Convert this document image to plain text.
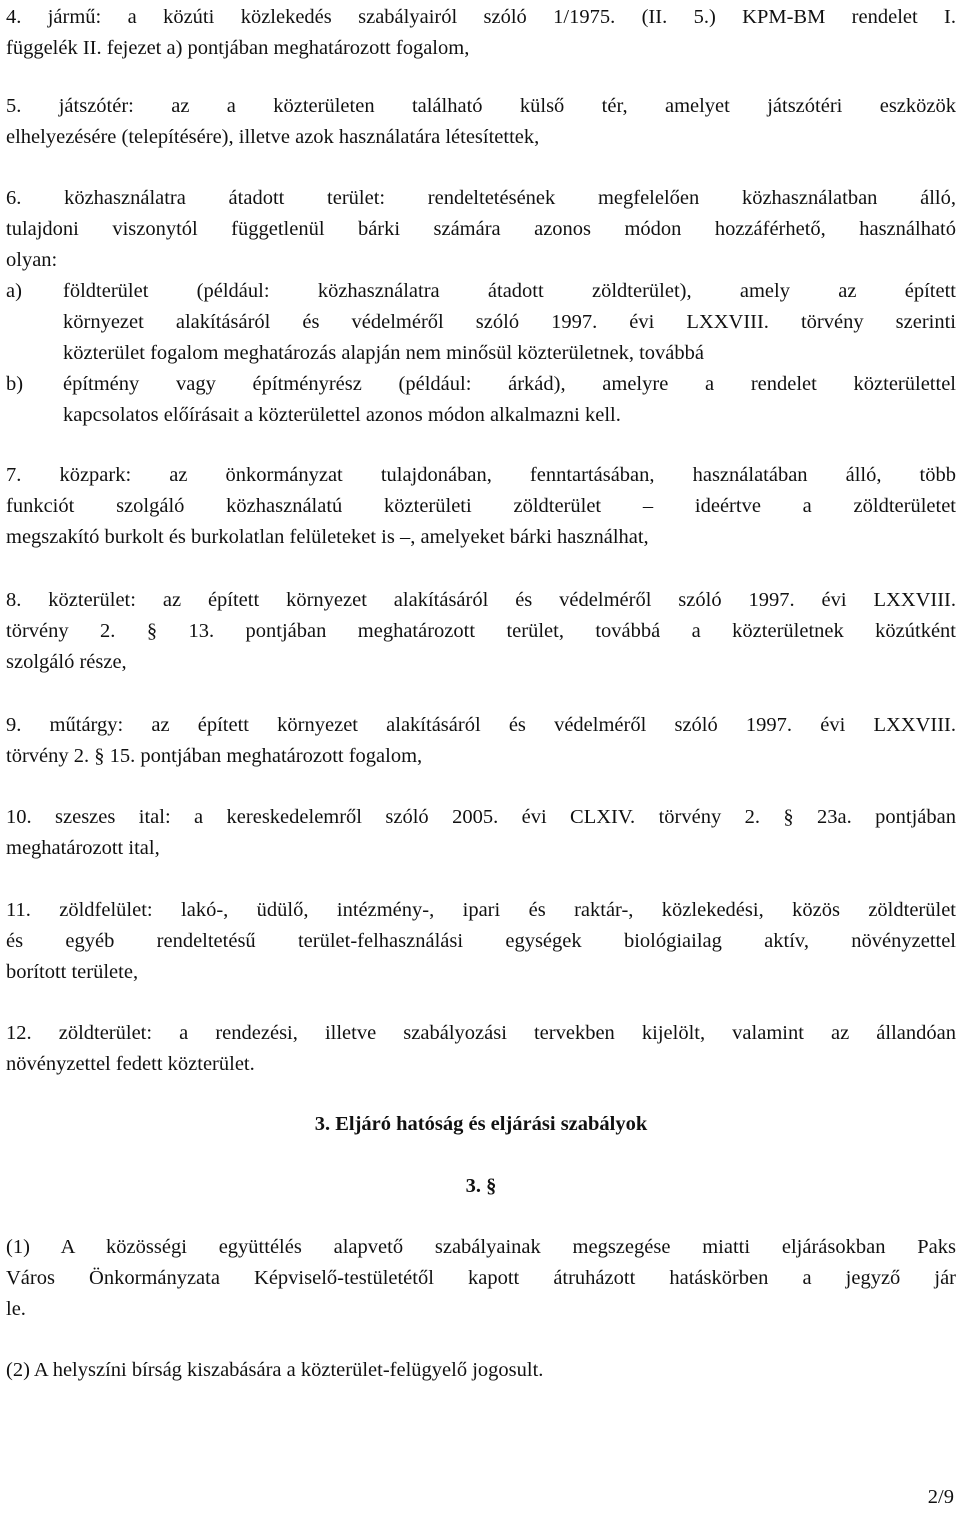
4. jármű: a közúti közlekedés szabályairól szóló 1/1975. (II. 5.) KPM-BM rendelet I.
függelék II. fejezet a) pontjában meghatározott fogalom,

5. játszótér: az a közterületen található külső tér, amelyet játszótéri eszközök
elhelyezésére (telepítésére), illetve azok használatára létesítettek,

6. közhasználatra átadott terület: rendeltetésének megfelelően közhasználatban álló,
tulajdoni viszonytól függetlenül bárki számára azonos módon hozzáférhető, használható
olyan:

a) földterület (például: közhasználatra átadott zöldterület), amely az épített
környezet alakításáról és védelméről szóló 1997. évi LXXVIII. törvény szerinti
közterület fogalom meghatározás alapján nem minősül közterületnek, továbbá
b) építmény vagy építményrész (például: árkád), amelyre a rendelet közterülettel
kapcsolatos előírásait a közterülettel azonos módon alkalmazni kell.

7. közpark: az önkormányzat tulajdonában, fenntartásában, használatában álló, több
funkciót szolgáló közhasználatú közterületi zöldterület – ideértve a zöldterületet
megszakító burkolt és burkolatlan felületeket is –, amelyeket bárki használhat,

8. közterület: az épített környezet alakításáról és védelméről szóló 1997. évi LXXVIII.
törvény 2. § 13. pontjában meghatározott terület, továbbá a közterületnek közútként
szolgáló része,

9. műtárgy: az épített környezet alakításáról és védelméről szóló 1997. évi LXXVIII.
törvény 2. § 15. pontjában meghatározott fogalom,

10. szeszes ital: a kereskedelemről szóló 2005. évi CLXIV. törvény 2. § 23a. pontjában
meghatározott ital,

11. zöldfelület: lakó-, üdülő, intézmény-, ipari és raktár-, közlekedési, közös zöldterület
és egyéb rendeltetésű terület-felhasználási egységek biológiailag aktív, növényzettel
borított területe,

12. zöldterület: a rendezési, illetve szabályozási tervekben kijelölt, valamint az állandóan
növényzettel fedett közterület.

3. Eljáró hatóság és eljárási szabályok
3. §

(1) A közösségi együttélés alapvető szabályainak megszegése miatti eljárásokban Paks
Város Önkormányzata Képviselő-testületétől kapott átruházott hatáskörben a jegyző jár
le.

(2) A helyszíni bírság kiszabására a közterület-felügyelő jogosult.

2/9
